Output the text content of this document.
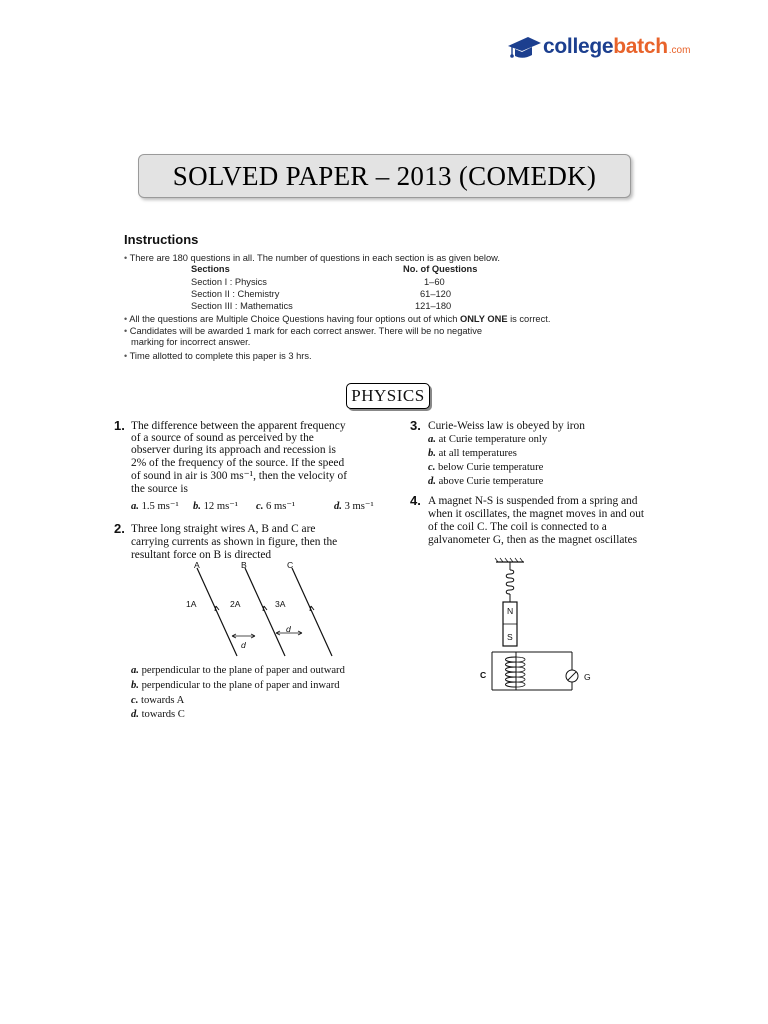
collegebatch .com
SOLVED PAPER – 2013 (COMEDK)
Instructions
• There are 180 questions in all. The number of questions in each section is as given below.
Sections	No. of Questions
Section I : Physics	1–60
Section II : Chemistry	61–120
Section III : Mathematics	121–180
• All the questions are Multiple Choice Questions having four options out of which ONLY ONE is correct.
• Candidates will be awarded 1 mark for each correct answer. There will be no negative
marking for incorrect answer.
• Time allotted to complete this paper is 3 hrs.
PHYSICS
1. The difference between the apparent frequency
of a source of sound as perceived by the
observer during its approach and recession is
2% of the frequency of the source. If the speed
of sound in air is 300 ms⁻¹, then the velocity of
the source is
a. 1.5 ms⁻¹ b. 12 ms⁻¹ c. 6 ms⁻¹	d. 3 ms⁻¹
2. Three long straight wires A, B and C are
carrying currents as shown in figure, then the
resultant force on B is directed
A	B	C
1A	2A	3A
d
d
a. perpendicular to the plane of paper and outward
b. perpendicular to the plane of paper and inward
c. towards A
d. towards C
3. Curie-Weiss law is obeyed by iron
a. at Curie temperature only
b. at all temperatures
c. below Curie temperature
d. above Curie temperature
4. A magnet N-S is suspended from a spring and
when it oscillates, the magnet moves in and out
of the coil C. The coil is connected to a
galvanometer G, then as the magnet oscillates
N
S
C	G
